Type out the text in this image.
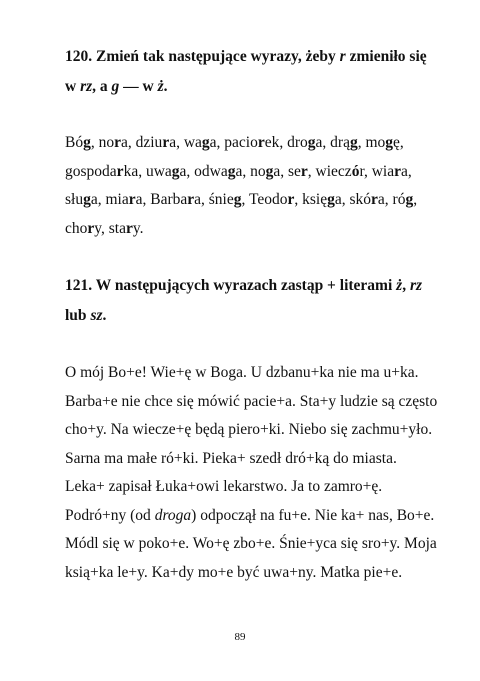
120. Zmień tak następujące wyrazy, żeby r zmieniło się w rz, a g — w ż.

Bóg, nora, dziura, waga, paciorek, droga, drąg, mogę,
gospodarka, uwaga, odwaga, noga, ser, wieczór, wiara,
sługa, miara, Barbara, śnieg, Teodor, księga, skóra, róg,
chory, stary.

121. W następujących wyrazach zastąp + literami ż, rz lub sz.

O mój Bo+e! Wie+ę w Boga. U dzbanu+ka nie ma u+ka. Barba+e nie chce się mówić pacie+a. Sta+y ludzie są często cho+y. Na wiecze+ę będą piero+ki. Niebo się zachmu+yło. Sarna ma małe ró+ki. Pieka+ szedł dró+ką do miasta. Leka+ zapisał Łuka+owi lekarstwo. Ja to zamro+ę. Podró+ny (od droga) odpoczął na fu+e. Nie ka+ nas, Bo+e. Módl się w poko+e. Wo+ę zbo+e. Śnie+yca się sro+y. Moja ksią+ka le+y. Ka+dy mo+e być uwa+ny. Matka pie+e.

89
